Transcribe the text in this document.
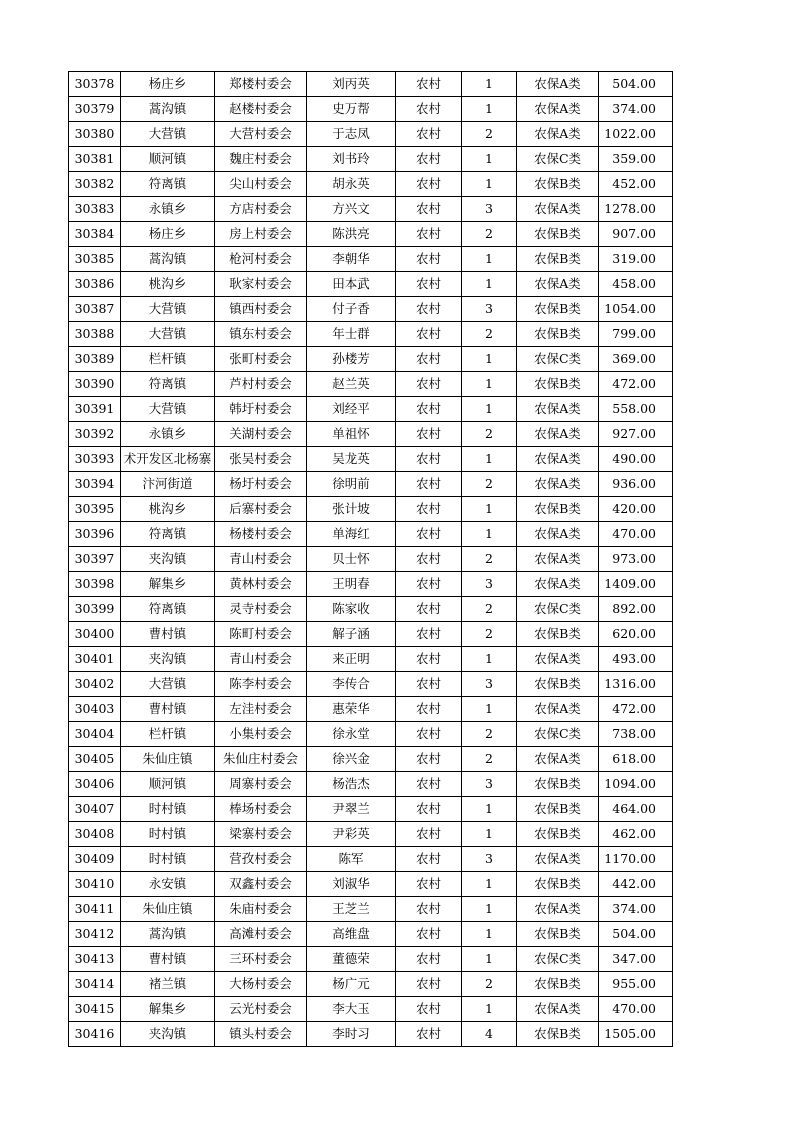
30378	杨庄乡	郑楼村委会	刘丙英	农村	1	农保A类	504.00
30379	蒿沟镇	赵楼村委会	史万帮	农村	1	农保A类	374.00
30380	大营镇	大营村委会	于志凤	农村	2	农保A类	1022.00
30381	顺河镇	魏庄村委会	刘书玲	农村	1	农保C类	359.00
30382	符离镇	尖山村委会	胡永英	农村	1	农保B类	452.00
30383	永镇乡	方店村委会	方兴文	农村	3	农保A类	1278.00
30384	杨庄乡	房上村委会	陈洪亮	农村	2	农保B类	907.00
30385	蒿沟镇	枪河村委会	李朝华	农村	1	农保B类	319.00
30386	桃沟乡	耿家村委会	田本武	农村	1	农保A类	458.00
30387	大营镇	镇西村委会	付子香	农村	3	农保B类	1054.00
30388	大营镇	镇东村委会	年士群	农村	2	农保B类	799.00
30389	栏杆镇	张町村委会	孙楼芳	农村	1	农保C类	369.00
30390	符离镇	芦村村委会	赵兰英	农村	1	农保B类	472.00
30391	大营镇	韩圩村委会	刘经平	农村	1	农保A类	558.00
30392	永镇乡	关湖村委会	单祖怀	农村	2	农保A类	927.00
30393	术开发区北杨寨	张吴村委会	吴龙英	农村	1	农保A类	490.00
30394	汴河街道	杨圩村委会	徐明前	农村	2	农保A类	936.00
30395	桃沟乡	后寨村委会	张计坡	农村	1	农保B类	420.00
30396	符离镇	杨楼村委会	单海红	农村	1	农保A类	470.00
30397	夹沟镇	青山村委会	贝士怀	农村	2	农保A类	973.00
30398	解集乡	黄林村委会	王明春	农村	3	农保A类	1409.00
30399	符离镇	灵寺村委会	陈家收	农村	2	农保C类	892.00
30400	曹村镇	陈町村委会	解子涵	农村	2	农保B类	620.00
30401	夹沟镇	青山村委会	来正明	农村	1	农保A类	493.00
30402	大营镇	陈李村委会	李传合	农村	3	农保B类	1316.00
30403	曹村镇	左洼村委会	惠荣华	农村	1	农保A类	472.00
30404	栏杆镇	小集村委会	徐永堂	农村	2	农保C类	738.00
30405	朱仙庄镇	朱仙庄村委会	徐兴金	农村	2	农保A类	618.00
30406	顺河镇	周寨村委会	杨浩杰	农村	3	农保B类	1094.00
30407	时村镇	棒场村委会	尹翠兰	农村	1	农保B类	464.00
30408	时村镇	梁寨村委会	尹彩英	农村	1	农保B类	462.00
30409	时村镇	营孜村委会	陈军	农村	3	农保A类	1170.00
30410	永安镇	双鑫村委会	刘淑华	农村	1	农保B类	442.00
30411	朱仙庄镇	朱庙村委会	王芝兰	农村	1	农保A类	374.00
30412	蒿沟镇	高滩村委会	高维盘	农村	1	农保B类	504.00
30413	曹村镇	三环村委会	董德荣	农村	1	农保C类	347.00
30414	褚兰镇	大杨村委会	杨广元	农村	2	农保B类	955.00
30415	解集乡	云光村委会	李大玉	农村	1	农保A类	470.00
30416	夹沟镇	镇头村委会	李时习	农村	4	农保B类	1505.00
